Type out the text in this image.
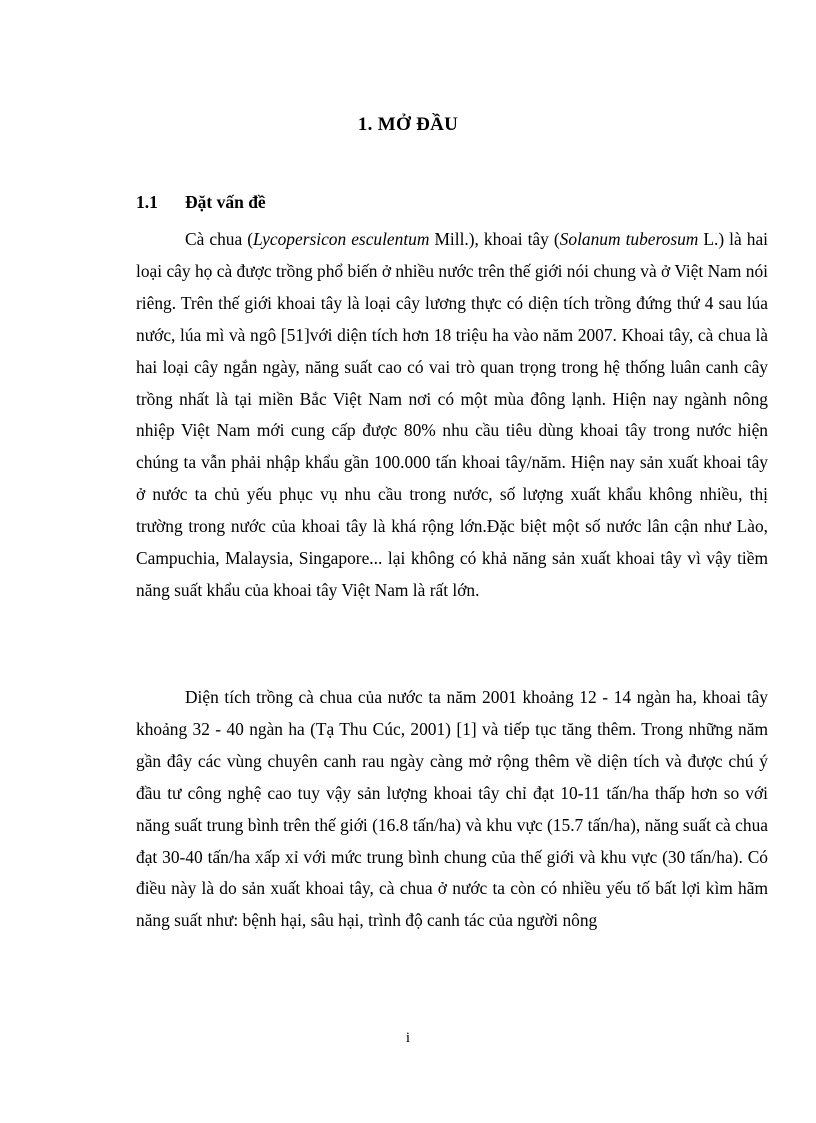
1. MỞ ĐẦU
1.1 Đặt vấn đề

Cà chua (Lycopersicon esculentum Mill.), khoai tây (Solanum tuberosum L.) là hai loại cây họ cà được trồng phổ biến ở nhiều nước trên thế giới nói chung và ở Việt Nam nói riêng. Trên thế giới khoai tây là loại cây lương thực có diện tích trồng đứng thứ 4 sau lúa nước, lúa mì và ngô [51]với diện tích hơn 18 triệu ha vào năm 2007. Khoai tây, cà chua là hai loại cây ngắn ngày, năng suất cao có vai trò quan trọng trong hệ thống luân canh cây trồng nhất là tại miền Bắc Việt Nam nơi có một mùa đông lạnh. Hiện nay ngành nông nhiệp Việt Nam mới cung cấp được 80% nhu cầu tiêu dùng khoai tây trong nước hiện chúng ta vẫn phải nhập khẩu gần 100.000 tấn khoai tây/năm. Hiện nay sản xuất khoai tây ở nước ta chủ yếu phục vụ nhu cầu trong nước, số lượng xuất khẩu không nhiều, thị trường trong nước của khoai tây là khá rộng lớn.Đặc biệt một số nước lân cận như Lào, Campuchia, Malaysia, Singapore... lại không có khả năng sản xuất khoai tây vì vậy tiềm năng suất khẩu của khoai tây Việt Nam là rất lớn.

Diện tích trồng cà chua của nước ta năm 2001 khoảng 12 - 14 ngàn ha, khoai tây khoảng 32 - 40 ngàn ha (Tạ Thu Cúc, 2001) [1] và tiếp tục tăng thêm. Trong những năm gần đây các vùng chuyên canh rau ngày càng mở rộng thêm về diện tích và được chú ý đầu tư công nghệ cao tuy vậy sản lượng khoai tây chỉ đạt 10-11 tấn/ha thấp hơn so với năng suất trung bình trên thế giới (16.8 tấn/ha) và khu vực (15.7 tấn/ha), năng suất cà chua đạt 30-40 tấn/ha xấp xỉ với mức trung bình chung của thế giới và khu vực (30 tấn/ha). Có điều này là do sản xuất khoai tây, cà chua ở nước ta còn có nhiều yếu tố bất lợi kìm hãm năng suất như: bệnh hại, sâu hại, trình độ canh tác của người nông

i
